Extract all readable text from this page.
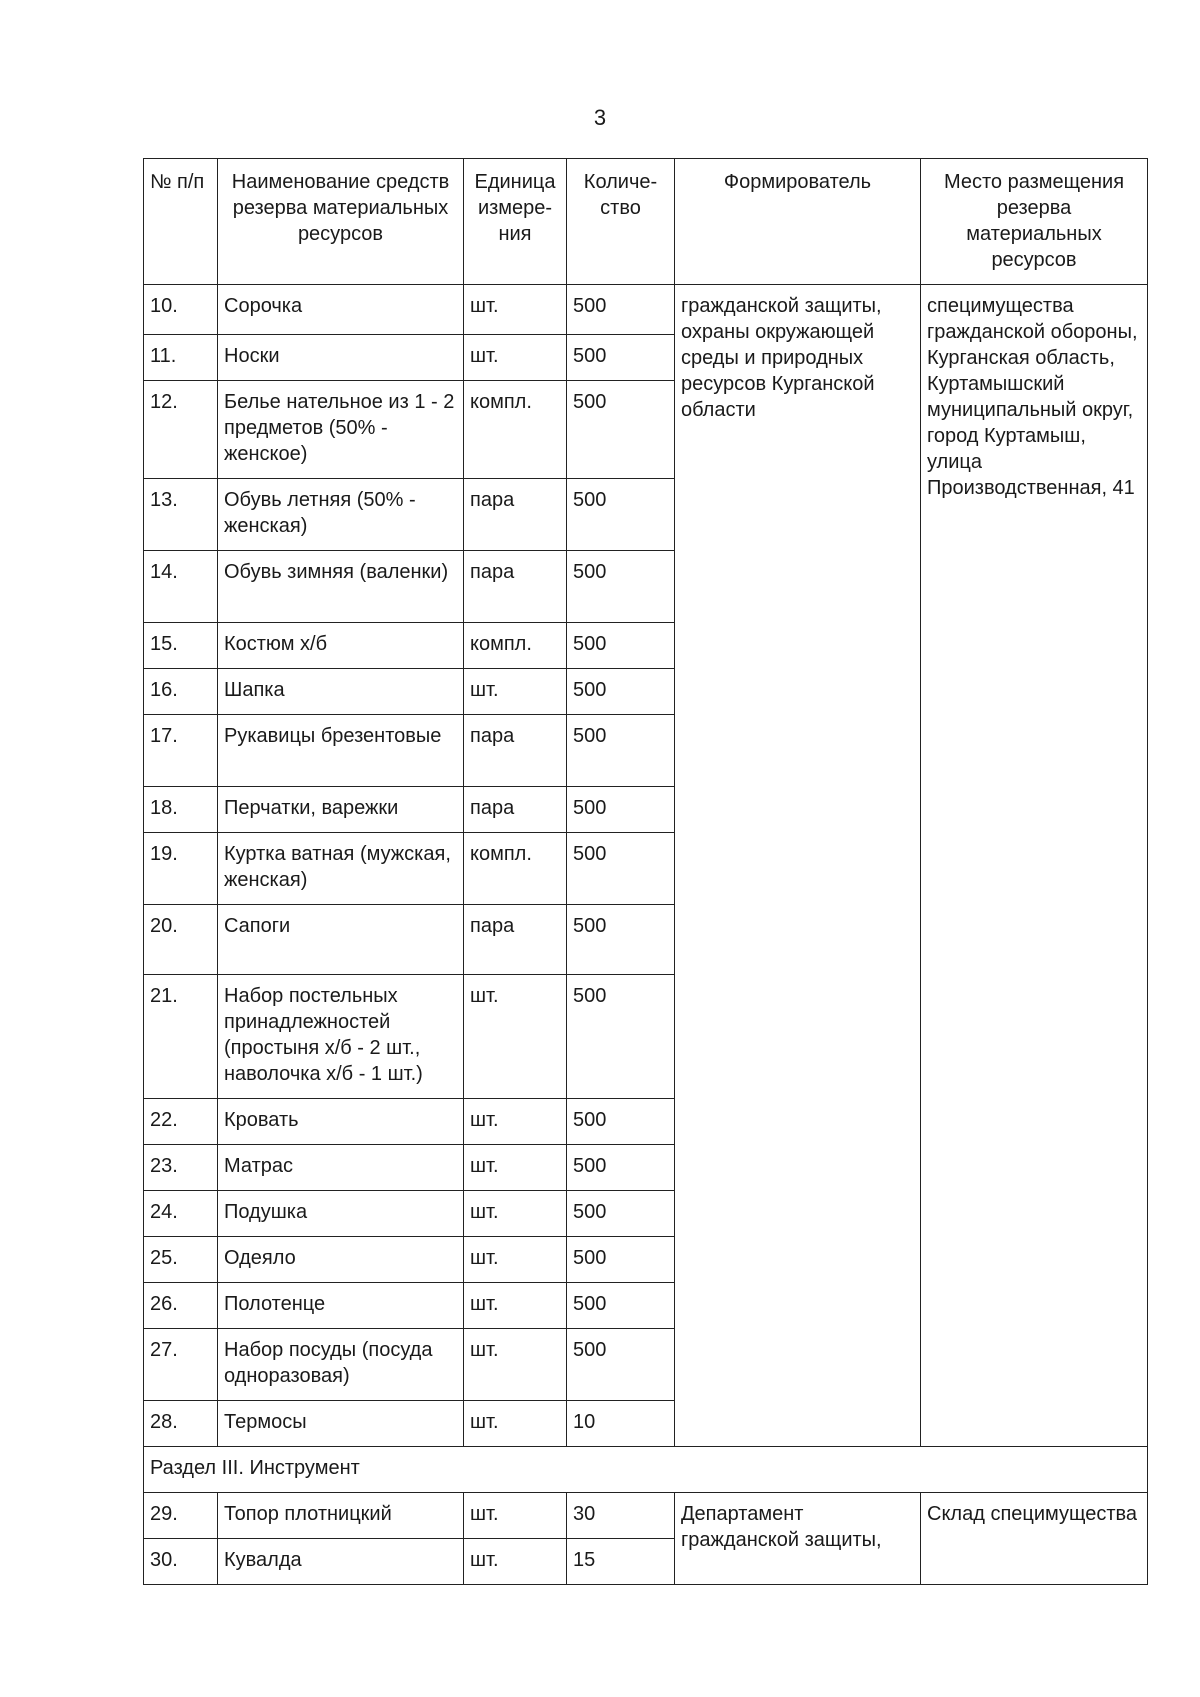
3
№ п/п	Наименование средств резерва материальных ресурсов	Единица измере-ния	Количе-ство	Формирователь	Место размещения резерва материальных ресурсов
10.	Сорочка	шт.	500	гражданской защиты, охраны окружающей среды и природных ресурсов Курганской области	специмущества гражданской обороны, Курганская область, Куртамышский муниципальный округ, город Куртамыш, улица Производственная, 41
11.	Носки	шт.	500		
12.	Белье нательное из 1 - 2 предметов (50% - женское)	компл.	500		
13.	Обувь летняя (50% - женская)	пара	500		
14.	Обувь зимняя (валенки)	пара	500		
15.	Костюм х/б	компл.	500		
16.	Шапка	шт.	500		
17.	Рукавицы брезентовые	пара	500		
18.	Перчатки, варежки	пара	500		
19.	Куртка ватная (мужская, женская)	компл.	500		
20.	Сапоги	пара	500		
21.	Набор постельных принадлежностей (простыня х/б - 2 шт., наволочка х/б - 1 шт.)	шт.	500		
22.	Кровать	шт.	500		
23.	Матрас	шт.	500		
24.	Подушка	шт.	500		
25.	Одеяло	шт.	500		
26.	Полотенце	шт.	500		
27.	Набор посуды (посуда одноразовая)	шт.	500		
28.	Термосы	шт.	10		
Раздел III. Инструмент					
29.	Топор плотницкий	шт.	30	Департамент гражданской защиты,	Склад специмущества
30.	Кувалда	шт.	15		
